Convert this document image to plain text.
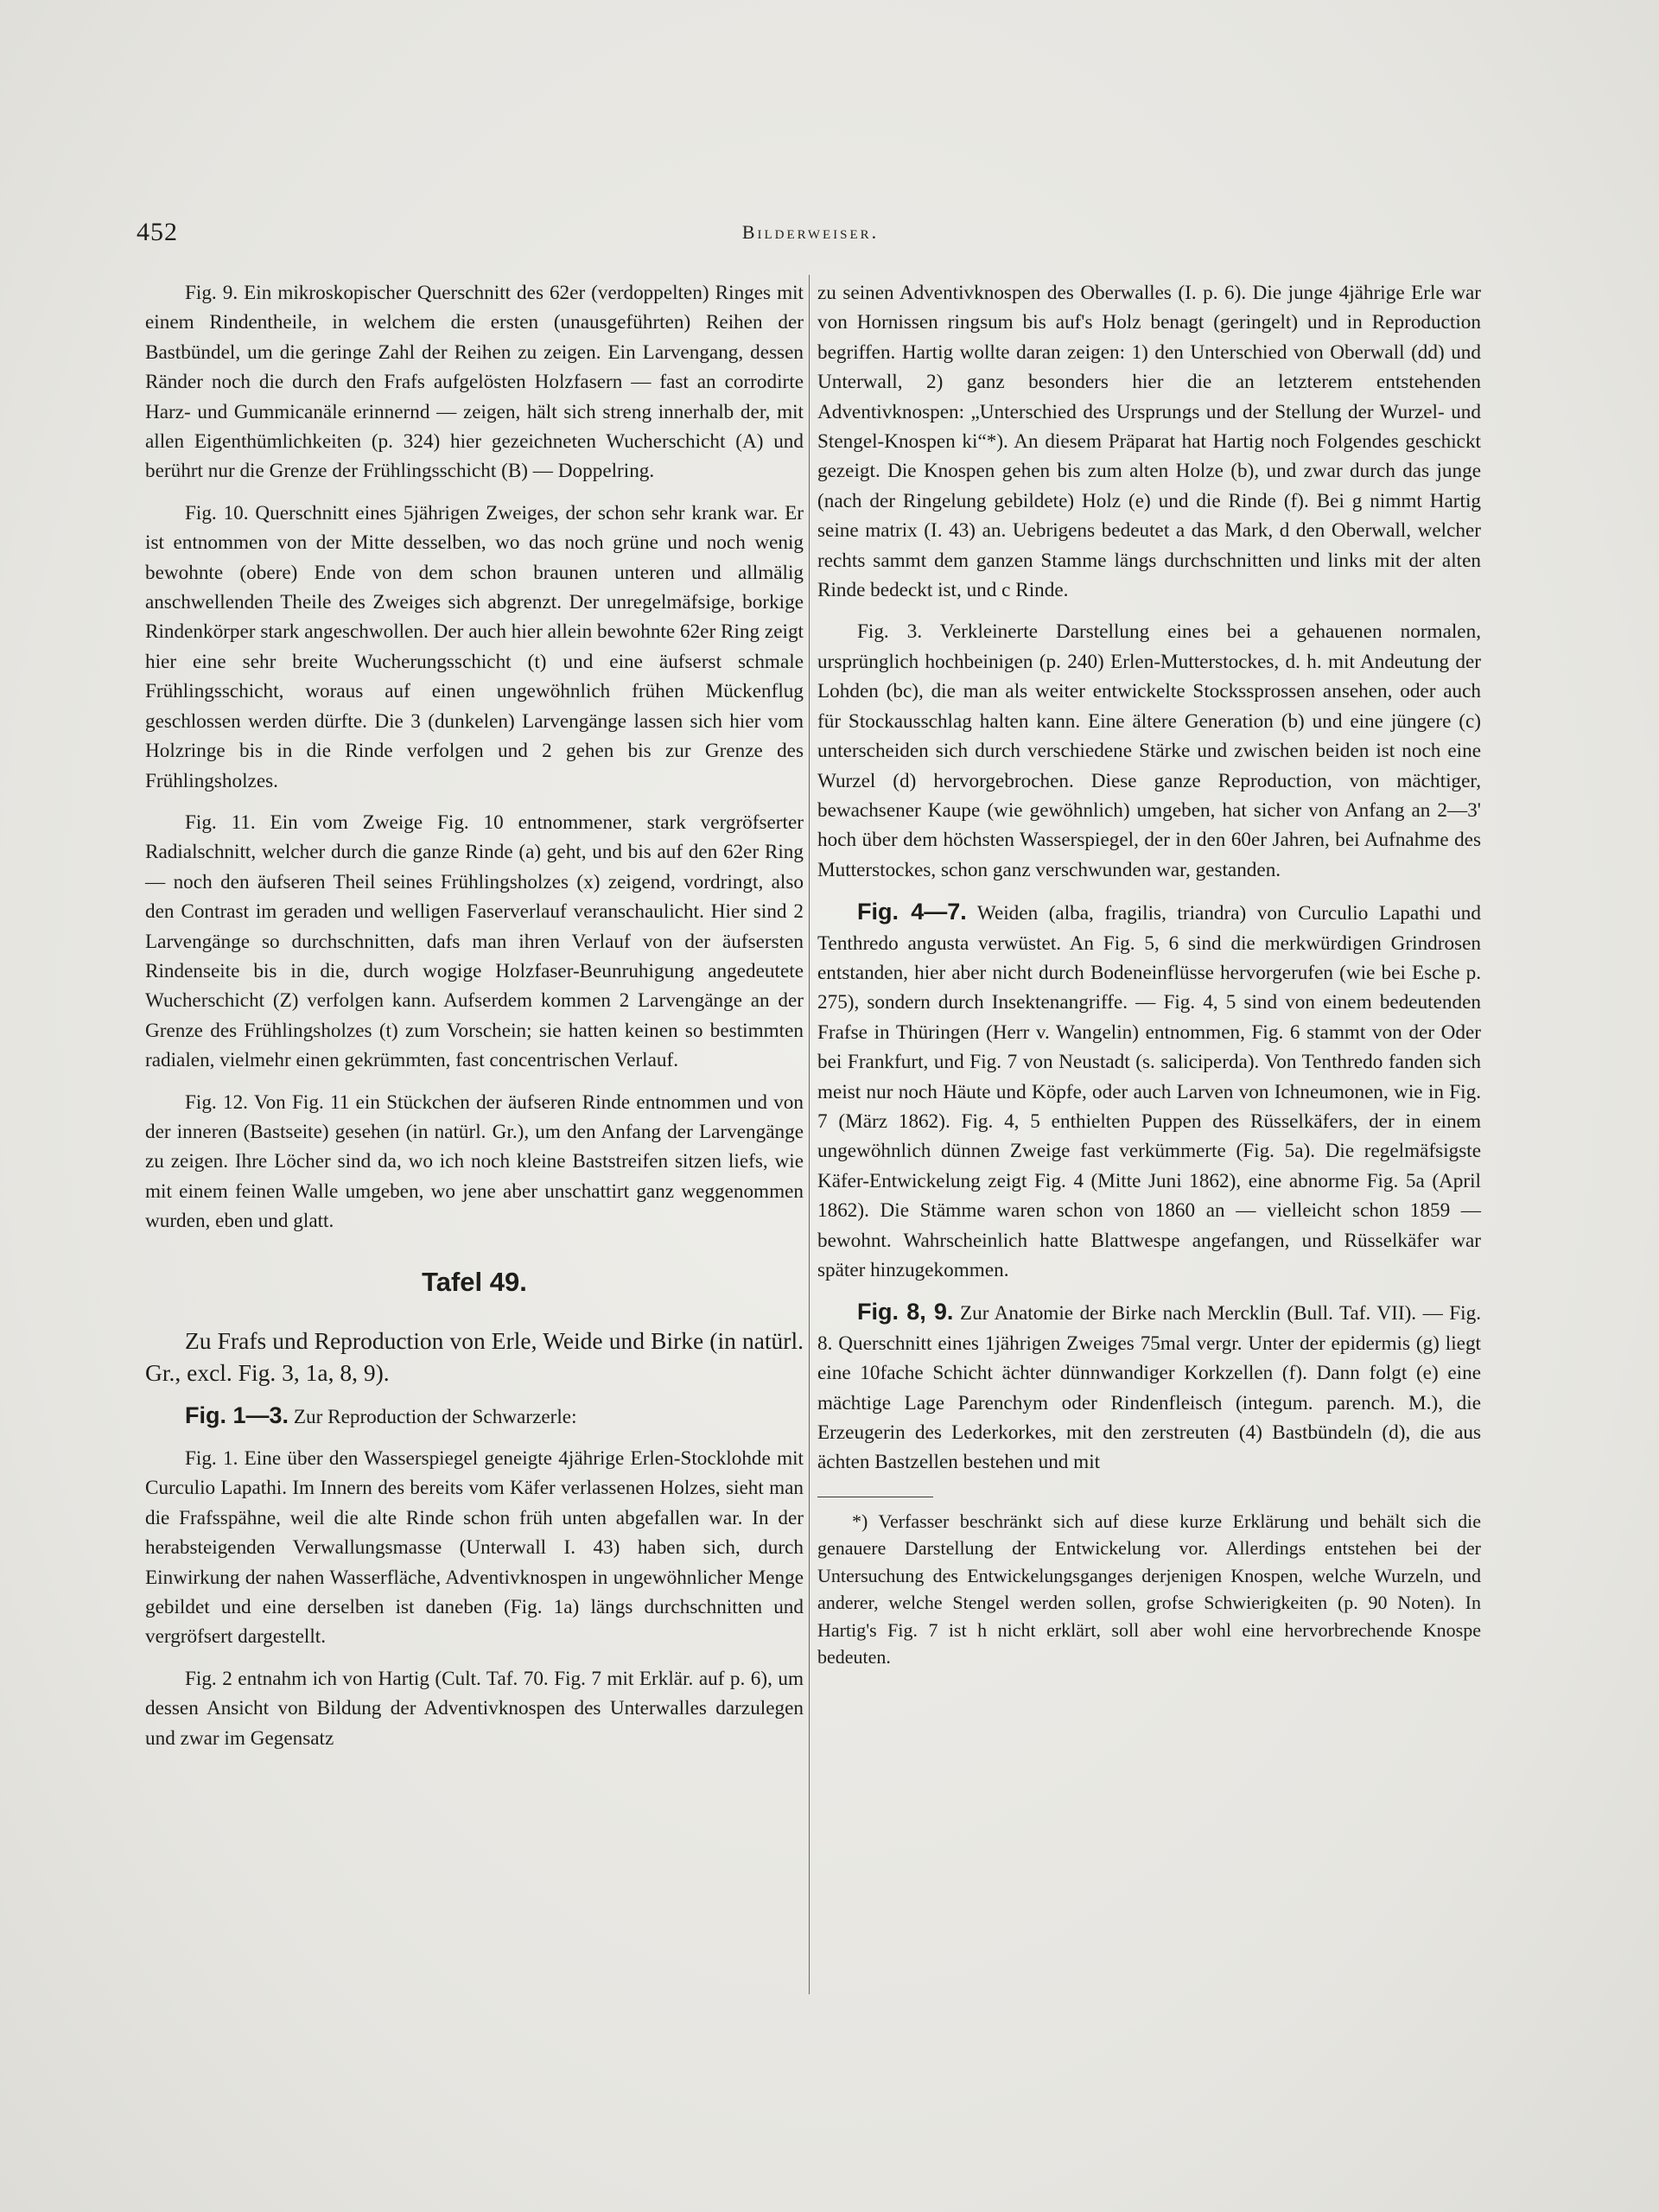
452	Bilderweiser.

Fig. 9. Ein mikroskopischer Querschnitt des 62er (verdoppelten) Ringes mit einem Rindentheile, in welchem die ersten (unausgeführten) Reihen der Bastbündel, um die geringe Zahl der Reihen zu zeigen. Ein Larvengang, dessen Ränder noch die durch den Frafs aufgelösten Holzfasern — fast an corrodirte Harz- und Gummicanäle erinnernd — zeigen, hält sich streng innerhalb der, mit allen Eigenthümlichkeiten (p. 324) hier gezeichneten Wucherschicht (A) und berührt nur die Grenze der Frühlingsschicht (B) — Doppelring.

Fig. 10. Querschnitt eines 5jährigen Zweiges, der schon sehr krank war. Er ist entnommen von der Mitte desselben, wo das noch grüne und noch wenig bewohnte (obere) Ende von dem schon braunen unteren und allmälig anschwellenden Theile des Zweiges sich abgrenzt. Der unregelmäfsige, borkige Rindenkörper stark angeschwollen. Der auch hier allein bewohnte 62er Ring zeigt hier eine sehr breite Wucherungsschicht (t) und eine äufserst schmale Frühlingsschicht, woraus auf einen ungewöhnlich frühen Mückenflug geschlossen werden dürfte. Die 3 (dunkelen) Larvengänge lassen sich hier vom Holzringe bis in die Rinde verfolgen und 2 gehen bis zur Grenze des Frühlingsholzes.

Fig. 11. Ein vom Zweige Fig. 10 entnommener, stark vergröfserter Radialschnitt, welcher durch die ganze Rinde (a) geht, und bis auf den 62er Ring — noch den äufseren Theil seines Frühlingsholzes (x) zeigend, vordringt, also den Contrast im geraden und welligen Faserverlauf veranschaulicht. Hier sind 2 Larvengänge so durchschnitten, dafs man ihren Verlauf von der äufsersten Rindenseite bis in die, durch wogige Holzfaser-Beunruhigung angedeutete Wucherschicht (Z) verfolgen kann. Aufserdem kommen 2 Larvengänge an der Grenze des Frühlingsholzes (t) zum Vorschein; sie hatten keinen so bestimmten radialen, vielmehr einen gekrümmten, fast concentrischen Verlauf.

Fig. 12. Von Fig. 11 ein Stückchen der äufseren Rinde entnommen und von der inneren (Bastseite) gesehen (in natürl. Gr.), um den Anfang der Larvengänge zu zeigen. Ihre Löcher sind da, wo ich noch kleine Baststreifen sitzen liefs, wie mit einem feinen Walle umgeben, wo jene aber unschattirt ganz weggenommen wurden, eben und glatt.

Tafel 49.

Zu Frafs und Reproduction von Erle, Weide und Birke (in natürl. Gr., excl. Fig. 3, 1a, 8, 9).

Fig. 1—3. Zur Reproduction der Schwarzerle:

Fig. 1. Eine über den Wasserspiegel geneigte 4jährige Erlen-Stocklohde mit Curculio Lapathi. Im Innern des bereits vom Käfer verlassenen Holzes, sieht man die Frafsspähne, weil die alte Rinde schon früh unten abgefallen war. In der herabsteigenden Verwallungsmasse (Unterwall I. 43) haben sich, durch Einwirkung der nahen Wasserfläche, Adventivknospen in ungewöhnlicher Menge gebildet und eine derselben ist daneben (Fig. 1a) längs durchschnitten und vergröfsert dargestellt.

Fig. 2 entnahm ich von Hartig (Cult. Taf. 70. Fig. 7 mit Erklär. auf p. 6), um dessen Ansicht von Bildung der Adventivknospen des Unterwalles darzulegen und zwar im Gegensatz

zu seinen Adventivknospen des Oberwalles (I. p. 6). Die junge 4jährige Erle war von Hornissen ringsum bis auf's Holz benagt (geringelt) und in Reproduction begriffen. Hartig wollte daran zeigen: 1) den Unterschied von Oberwall (dd) und Unterwall, 2) ganz besonders hier die an letzterem entstehenden Adventivknospen: „Unterschied des Ursprungs und der Stellung der Wurzel- und Stengel-Knospen ki“*). An diesem Präparat hat Hartig noch Folgendes geschickt gezeigt. Die Knospen gehen bis zum alten Holze (b), und zwar durch das junge (nach der Ringelung gebildete) Holz (e) und die Rinde (f). Bei g nimmt Hartig seine matrix (I. 43) an. Uebrigens bedeutet a das Mark, d den Oberwall, welcher rechts sammt dem ganzen Stamme längs durchschnitten und links mit der alten Rinde bedeckt ist, und c Rinde.

Fig. 3. Verkleinerte Darstellung eines bei a gehauenen normalen, ursprünglich hochbeinigen (p. 240) Erlen-Mutterstockes, d. h. mit Andeutung der Lohden (bc), die man als weiter entwickelte Stockssprossen ansehen, oder auch für Stockausschlag halten kann. Eine ältere Generation (b) und eine jüngere (c) unterscheiden sich durch verschiedene Stärke und zwischen beiden ist noch eine Wurzel (d) hervorgebrochen. Diese ganze Reproduction, von mächtiger, bewachsener Kaupe (wie gewöhnlich) umgeben, hat sicher von Anfang an 2—3' hoch über dem höchsten Wasserspiegel, der in den 60er Jahren, bei Aufnahme des Mutterstockes, schon ganz verschwunden war, gestanden.

Fig. 4—7. Weiden (alba, fragilis, triandra) von Curculio Lapathi und Tenthredo angusta verwüstet. An Fig. 5, 6 sind die merkwürdigen Grindrosen entstanden, hier aber nicht durch Bodeneinflüsse hervorgerufen (wie bei Esche p. 275), sondern durch Insektenangriffe. — Fig. 4, 5 sind von einem bedeutenden Frafse in Thüringen (Herr v. Wangelin) entnommen, Fig. 6 stammt von der Oder bei Frankfurt, und Fig. 7 von Neustadt (s. saliciperda). Von Tenthredo fanden sich meist nur noch Häute und Köpfe, oder auch Larven von Ichneumonen, wie in Fig. 7 (März 1862). Fig. 4, 5 enthielten Puppen des Rüsselkäfers, der in einem ungewöhnlich dünnen Zweige fast verkümmerte (Fig. 5a). Die regelmäfsigste Käfer-Entwickelung zeigt Fig. 4 (Mitte Juni 1862), eine abnorme Fig. 5a (April 1862). Die Stämme waren schon von 1860 an — vielleicht schon 1859 — bewohnt. Wahrscheinlich hatte Blattwespe angefangen, und Rüsselkäfer war später hinzugekommen.

Fig. 8, 9. Zur Anatomie der Birke nach Mercklin (Bull. Taf. VII). — Fig. 8. Querschnitt eines 1jährigen Zweiges 75mal vergr. Unter der epidermis (g) liegt eine 10fache Schicht ächter dünnwandiger Korkzellen (f). Dann folgt (e) eine mächtige Lage Parenchym oder Rindenfleisch (integum. parench. M.), die Erzeugerin des Lederkorkes, mit den zerstreuten (4) Bastbündeln (d), die aus ächten Bastzellen bestehen und mit

*) Verfasser beschränkt sich auf diese kurze Erklärung und behält sich die genauere Darstellung der Entwickelung vor. Allerdings entstehen bei der Untersuchung des Entwickelungsganges derjenigen Knospen, welche Wurzeln, und anderer, welche Stengel werden sollen, grofse Schwierigkeiten (p. 90 Noten). In Hartig's Fig. 7 ist h nicht erklärt, soll aber wohl eine hervorbrechende Knospe bedeuten.
